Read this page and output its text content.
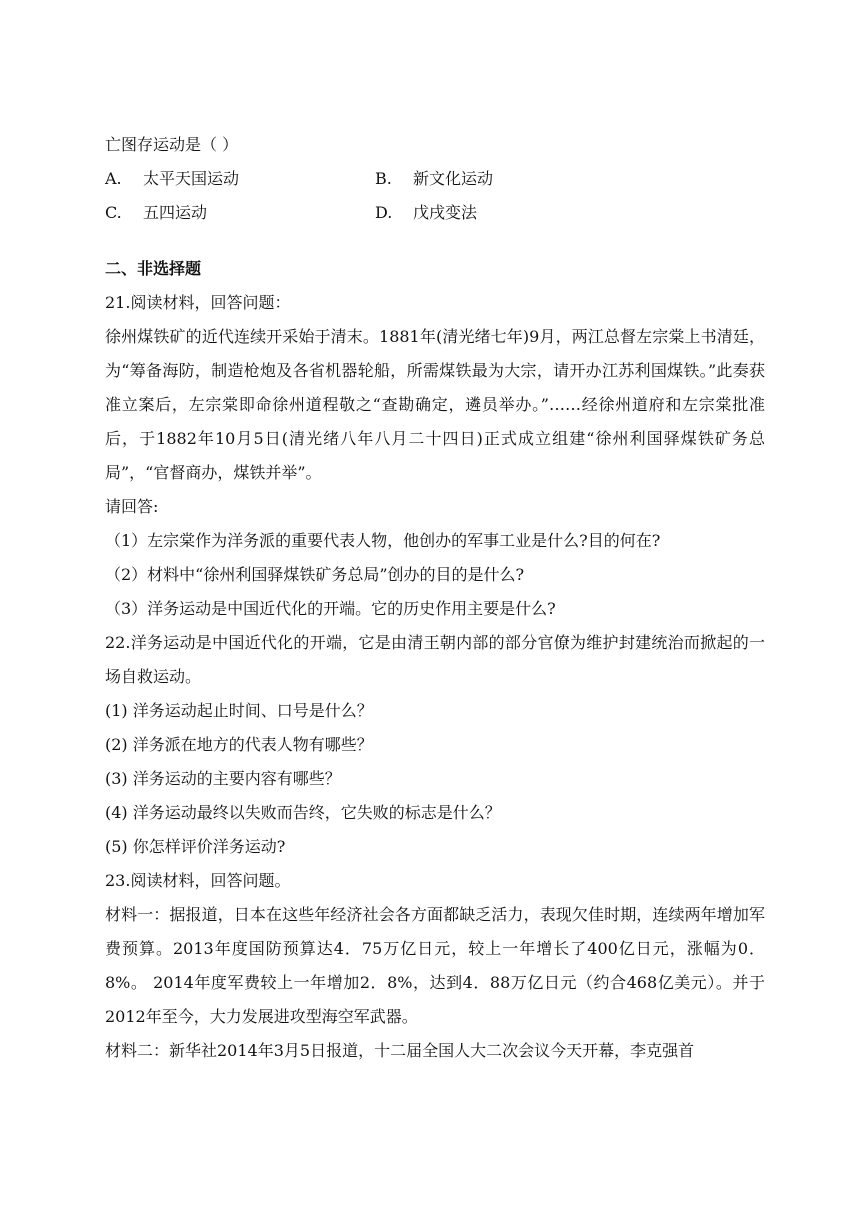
亡图存运动是（ ）
A.	太平天国运动	B.	新文化运动
C.	五四运动	D.	戊戌变法
二、非选择题
21.阅读材料，回答问题：
徐州煤铁矿的近代连续开采始于清末。1881年(清光绪七年)9月，两江总督左宗棠上书清廷，为“筹备海防，制造枪炮及各省机器轮船，所需煤铁最为大宗，请开办江苏利国煤铁。”此奏获准立案后，左宗棠即命徐州道程敬之“查勘确定，遴员举办。”……经徐州道府和左宗棠批准后，于1882年10月5日(清光绪八年八月二十四日)正式成立组建“徐州利国驿煤铁矿务总局”，“官督商办，煤铁并举”。
请回答:
（1）左宗棠作为洋务派的重要代表人物，他创办的军事工业是什么?目的何在?
（2）材料中“徐州利国驿煤铁矿务总局”创办的目的是什么?
（3）洋务运动是中国近代化的开端。它的历史作用主要是什么?
22.洋务运动是中国近代化的开端，它是由清王朝内部的部分官僚为维护封建统治而掀起的一场自救运动。
(1) 洋务运动起止时间、口号是什么？
(2) 洋务派在地方的代表人物有哪些？
(3) 洋务运动的主要内容有哪些？
(4) 洋务运动最终以失败而告终，它失败的标志是什么？
(5) 你怎样评价洋务运动?
23.阅读材料，回答问题。
材料一：据报道，日本在这些年经济社会各方面都缺乏活力，表现欠佳时期，连续两年增加军费预算。2013年度国防预算达4．75万亿日元，较上一年增长了400亿日元，涨幅为0．8%。 2014年度军费较上一年增加2．8%，达到4．88万亿日元（约合468亿美元）。并于2012年至今，大力发展进攻型海空军武器。
材料二：新华社2014年3月5日报道，十二届全国人大二次会议今天开幕，李克强首
